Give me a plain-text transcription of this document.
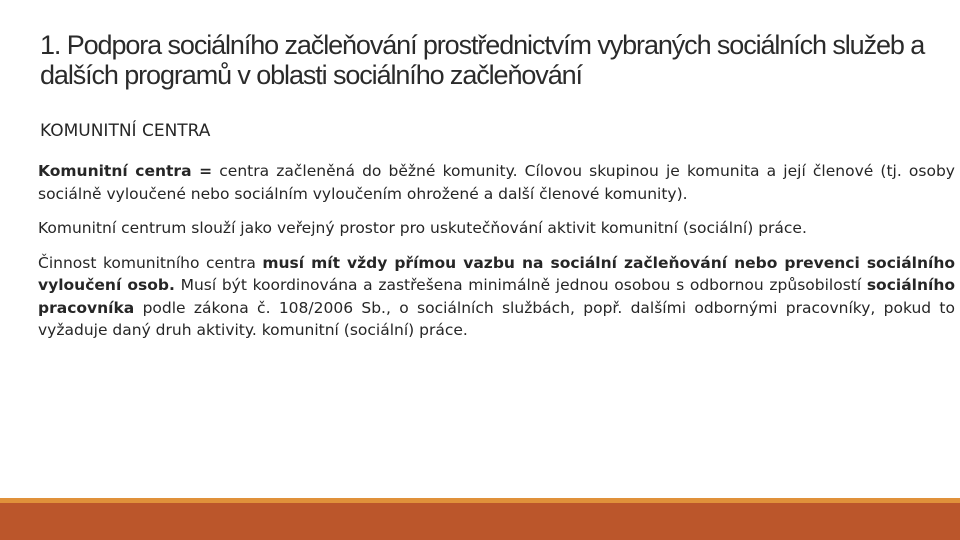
1. Podpora sociálního začleňování prostřednictvím vybraných sociálních služeb a dalších programů v oblasti sociálního začleňování
KOMUNITNÍ CENTRA

Komunitní centra = centra začleněná do běžné komunity. Cílovou skupinou je komunita a její členové (tj. osoby sociálně vyloučené nebo sociálním vyloučením ohrožené a další členové komunity).

Komunitní centrum slouží jako veřejný prostor pro uskutečňování aktivit komunitní (sociální) práce.

Činnost komunitního centra musí mít vždy přímou vazbu na sociální začleňování nebo prevenci sociálního vyloučení osob. Musí být koordinována a zastřešena minimálně jednou osobou s odbornou způsobilostí sociálního pracovníka podle zákona č. 108/2006 Sb., o sociálních službách, popř. dalšími odbornými pracovníky, pokud to vyžaduje daný druh aktivity. komunitní (sociální) práce.
